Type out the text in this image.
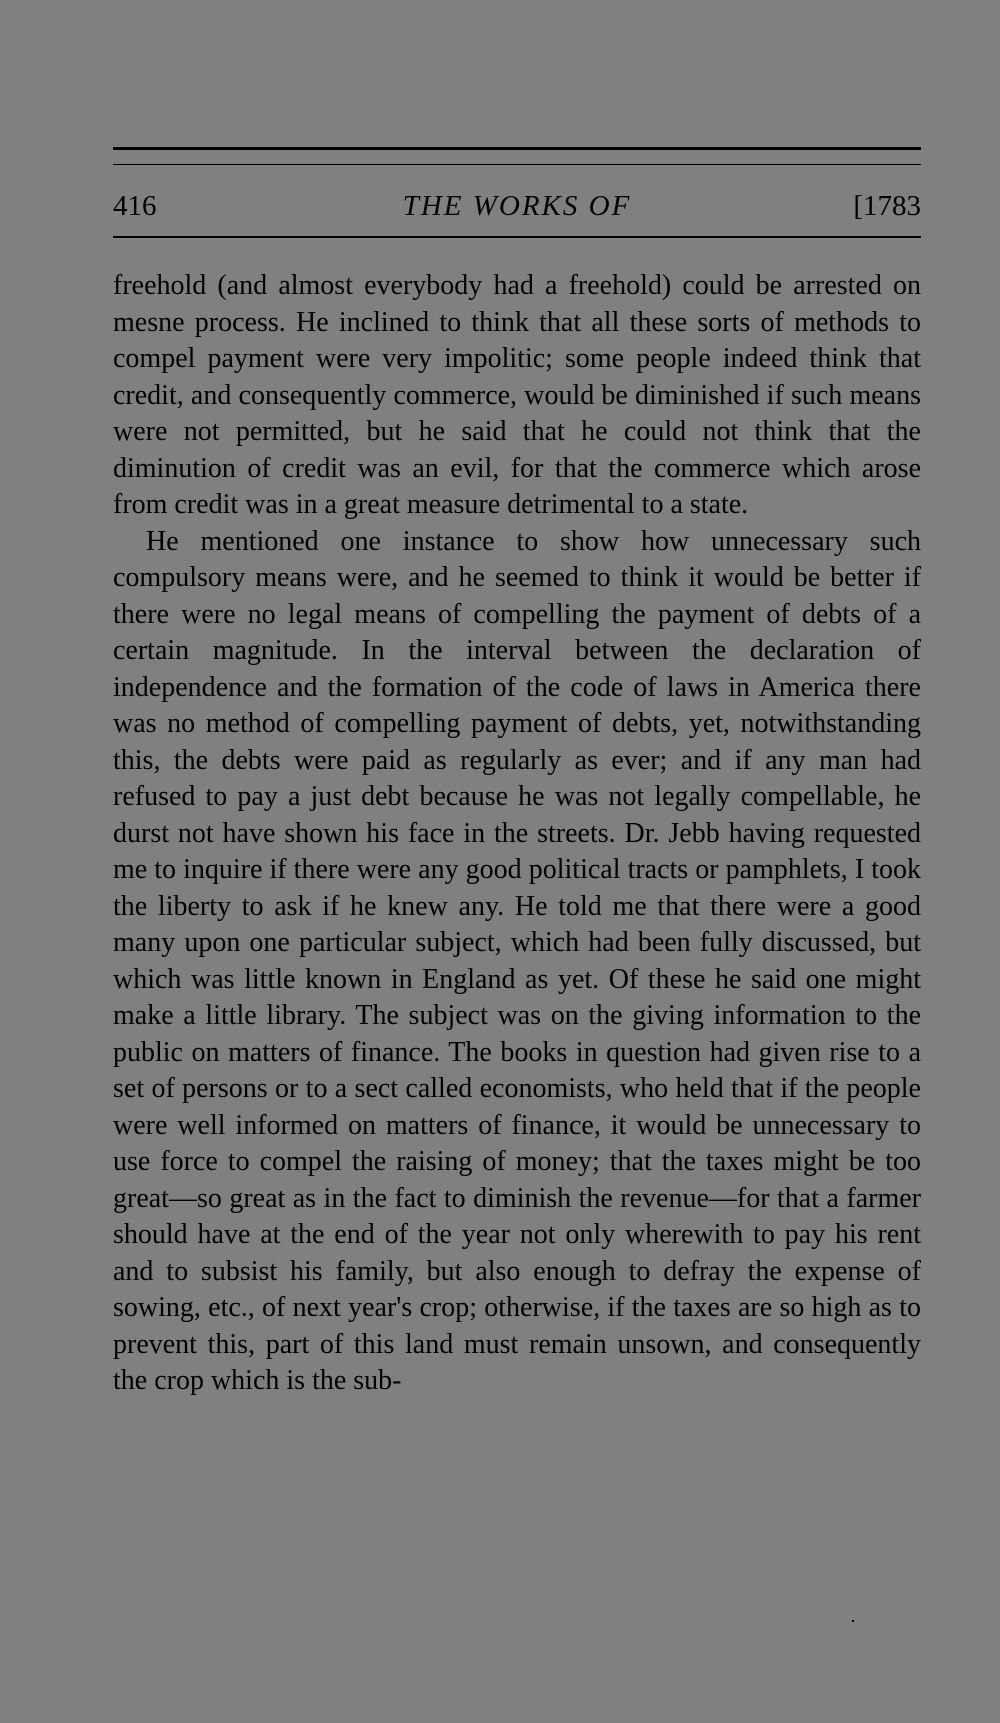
416	THE WORKS OF	[1783

freehold (and almost everybody had a freehold) could be arrested on mesne process. He inclined to think that all these sorts of methods to compel payment were very impolitic; some people indeed think that credit, and consequently commerce, would be diminished if such means were not permitted, but he said that he could not think that the diminution of credit was an evil, for that the commerce which arose from credit was in a great measure detrimental to a state.

He mentioned one instance to show how unnecessary such compulsory means were, and he seemed to think it would be better if there were no legal means of compelling the payment of debts of a certain magnitude. In the interval between the declaration of independence and the formation of the code of laws in America there was no method of compelling payment of debts, yet, notwithstanding this, the debts were paid as regularly as ever; and if any man had refused to pay a just debt because he was not legally compellable, he durst not have shown his face in the streets. Dr. Jebb having requested me to inquire if there were any good political tracts or pamphlets, I took the liberty to ask if he knew any. He told me that there were a good many upon one particular subject, which had been fully discussed, but which was little known in England as yet. Of these he said one might make a little library. The subject was on the giving information to the public on matters of finance. The books in question had given rise to a set of persons or to a sect called economists, who held that if the people were well informed on matters of finance, it would be unnecessary to use force to compel the raising of money; that the taxes might be too great—so great as in the fact to diminish the revenue—for that a farmer should have at the end of the year not only wherewith to pay his rent and to subsist his family, but also enough to defray the expense of sowing, etc., of next year's crop; otherwise, if the taxes are so high as to prevent this, part of this land must remain unsown, and consequently the crop which is the sub-
